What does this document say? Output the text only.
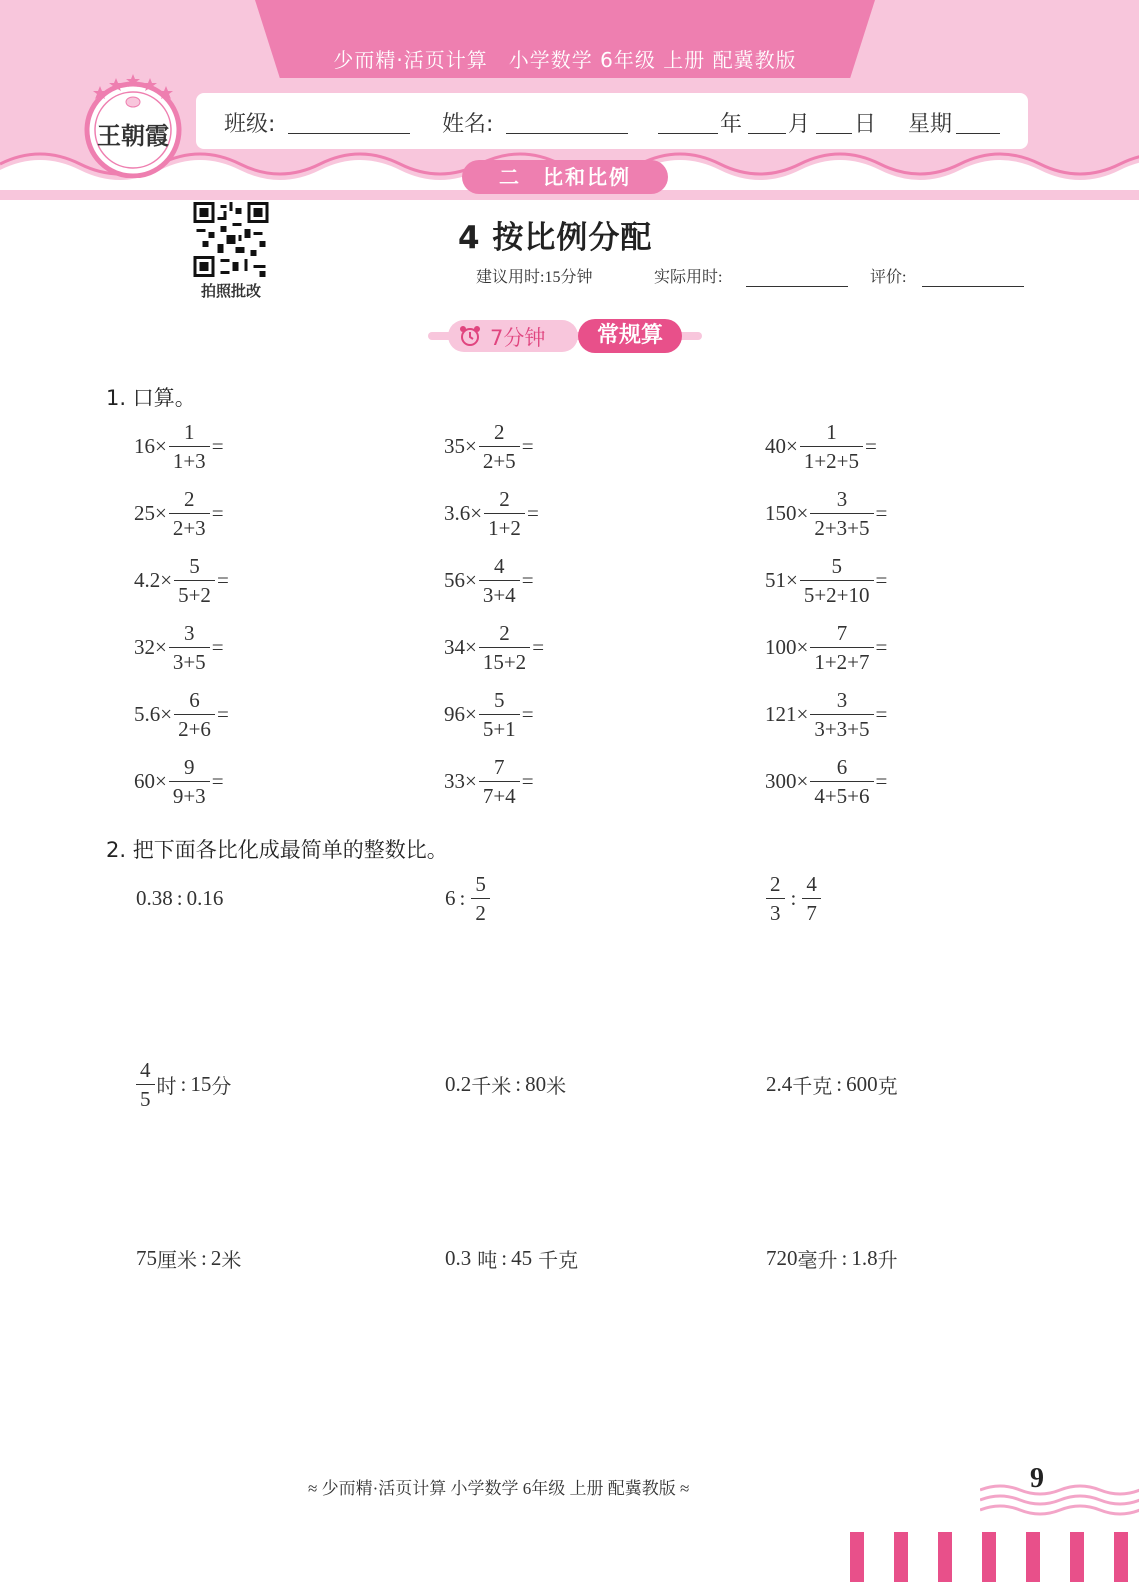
少而精·活页计算　小学数学 6年级 上册 配冀教版
王朝霞	班级:	姓名:	年 月 日 星期
二　比和比例
拍照批改
4 按比例分配
建议用时:15分钟	实际用时:	评价:
7分钟	常规算
1. 口算。
$16\times \frac{1}{1+3}$ =	$35\times \frac{2}{2+5}$ =	$40\times \frac{1}{1+2+5}$ =
$25\times \frac{2}{2+3}$ =	$3.6\times \frac{2}{1+2}$ =	$150\times \frac{3}{2+3+5}$ =
$4.2\times \frac{5}{5+2}$ =	$56\times \frac{4}{3+4}$ =	$51\times \frac{5}{5+2+10}$ =
$32\times \frac{3}{3+5}$ =	$34\times \frac{2}{15+2}$ =	$100\times \frac{7}{1+2+7}$ =
$5.6\times \frac{6}{2+6}$ =	$96\times \frac{5}{5+1}$ =	$121\times \frac{3}{3+3+5}$ =
$60\times \frac{9}{9+3}$ =	$33\times \frac{7}{7+4}$ =	$300\times \frac{6}{4+5+6}$ =
2. 把下面各比化成最简单的整数比。
0.38 : 0.16	6 : $\frac{5}{2}$	$\frac{2}{3}$ : $\frac{4}{7}$
$\frac{4}{5}$ 时 : 15 分	0.2 千米 : 80 米	2.4 千克 : 600 克
75 厘米 : 2 米	0.3 吨 : 45 千克	720 毫升 : 1.8 升
≈ 少而精·活页计算 小学数学 6年级 上册 配冀教版 ≈	9
